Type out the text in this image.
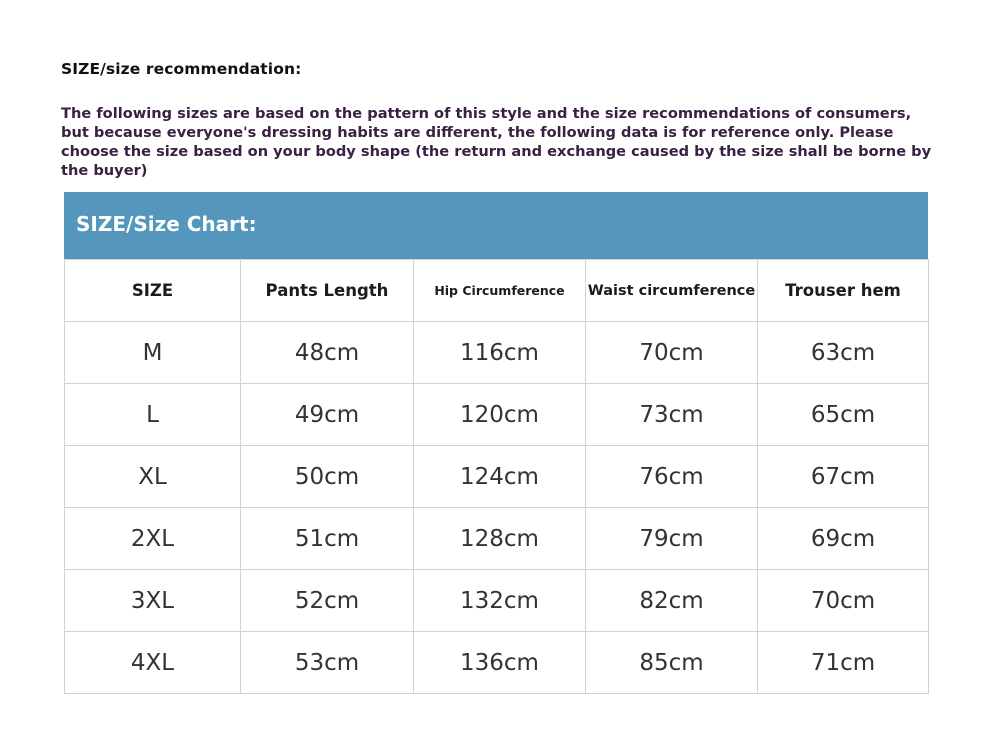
SIZE/size recommendation:

The following sizes are based on the pattern of this style and the size recommendations of consumers, but because everyone's dressing habits are different, the following data is for reference only. Please choose the size based on your body shape (the return and exchange caused by the size shall be borne by the buyer)

SIZE/Size Chart:
SIZE	Pants Length	Hip Circumference	Waist circumference	Trouser hem
M	48cm	116cm	70cm	63cm
L	49cm	120cm	73cm	65cm
XL	50cm	124cm	76cm	67cm
2XL	51cm	128cm	79cm	69cm
3XL	52cm	132cm	82cm	70cm
4XL	53cm	136cm	85cm	71cm
